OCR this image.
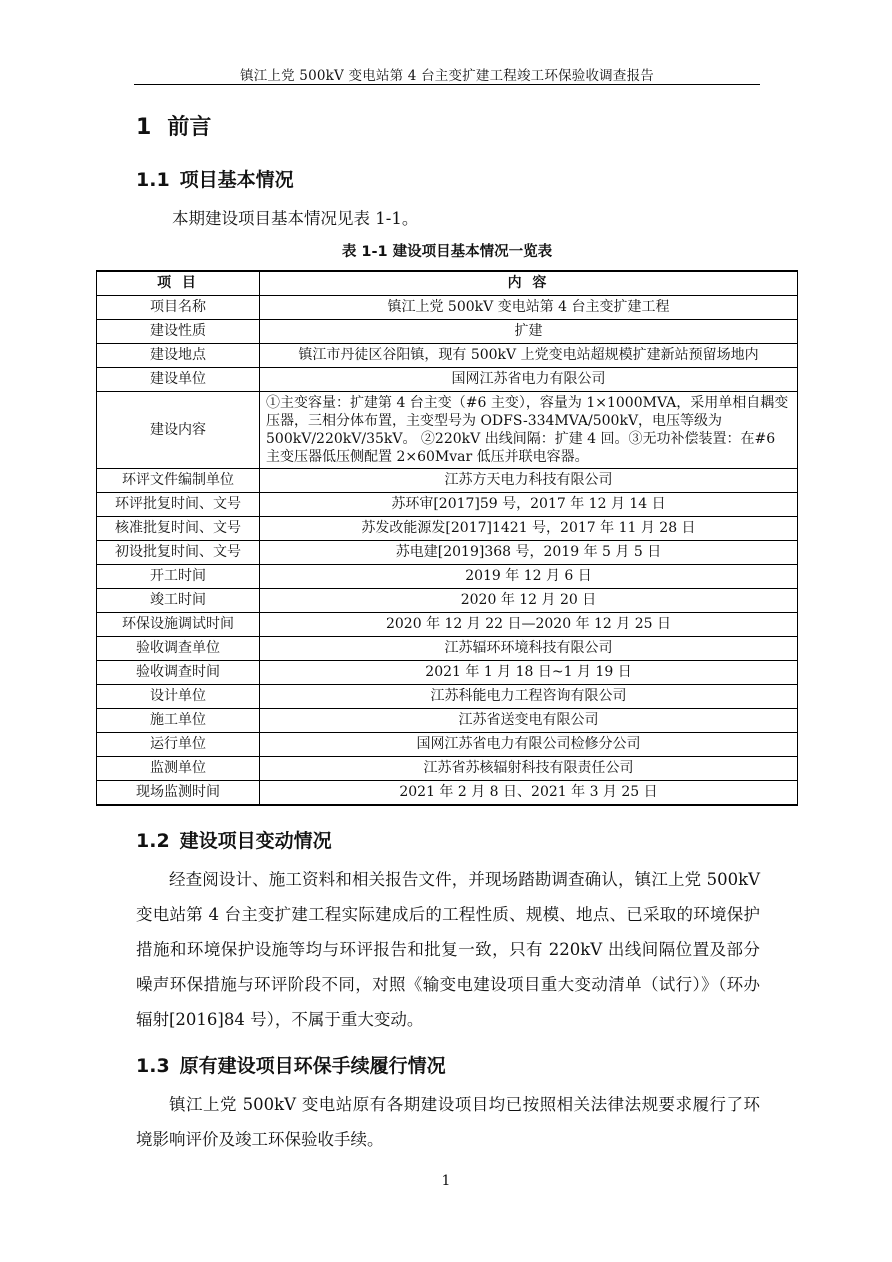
镇江上党 500kV 变电站第 4 台主变扩建工程竣工环保验收调查报告
1 前言
1.1 项目基本情况
本期建设项目基本情况见表 1-1。
表 1-1 建设项目基本情况一览表
项 目	内 容
项目名称	镇江上党 500kV 变电站第 4 台主变扩建工程
建设性质	扩建
建设地点	镇江市丹徒区谷阳镇，现有 500kV 上党变电站超规模扩建新站预留场地内
建设单位	国网江苏省电力有限公司
建设内容	①主变容量：扩建第 4 台主变（#6 主变），容量为 1×1000MVA，采用单相自耦变压器，三相分体布置，主变型号为 ODFS-334MVA/500kV，电压等级为 500kV/220kV/35kV。 ②220kV 出线间隔：扩建 4 回。③无功补偿装置：在#6 主变压器低压侧配置 2×60Mvar 低压并联电容器。
环评文件编制单位	江苏方天电力科技有限公司
环评批复时间、文号	苏环审[2017]59 号，2017 年 12 月 14 日
核准批复时间、文号	苏发改能源发[2017]1421 号，2017 年 11 月 28 日
初设批复时间、文号	苏电建[2019]368 号，2019 年 5 月 5 日
开工时间	2019 年 12 月 6 日
竣工时间	2020 年 12 月 20 日
环保设施调试时间	2020 年 12 月 22 日—2020 年 12 月 25 日
验收调查单位	江苏辐环环境科技有限公司
验收调查时间	2021 年 1 月 18 日~1 月 19 日
设计单位	江苏科能电力工程咨询有限公司
施工单位	江苏省送变电有限公司
运行单位	国网江苏省电力有限公司检修分公司
监测单位	江苏省苏核辐射科技有限责任公司
现场监测时间	2021 年 2 月 8 日、2021 年 3 月 25 日
1.2 建设项目变动情况
经查阅设计、施工资料和相关报告文件，并现场踏勘调查确认，镇江上党 500kV 变电站第 4 台主变扩建工程实际建成后的工程性质、规模、地点、已采取的环境保护措施和环境保护设施等均与环评报告和批复一致，只有 220kV 出线间隔位置及部分噪声环保措施与环评阶段不同，对照《输变电建设项目重大变动清单（试行）》（环办辐射[2016]84 号），不属于重大变动。
1.3 原有建设项目环保手续履行情况
镇江上党 500kV 变电站原有各期建设项目均已按照相关法律法规要求履行了环境影响评价及竣工环保验收手续。
1
